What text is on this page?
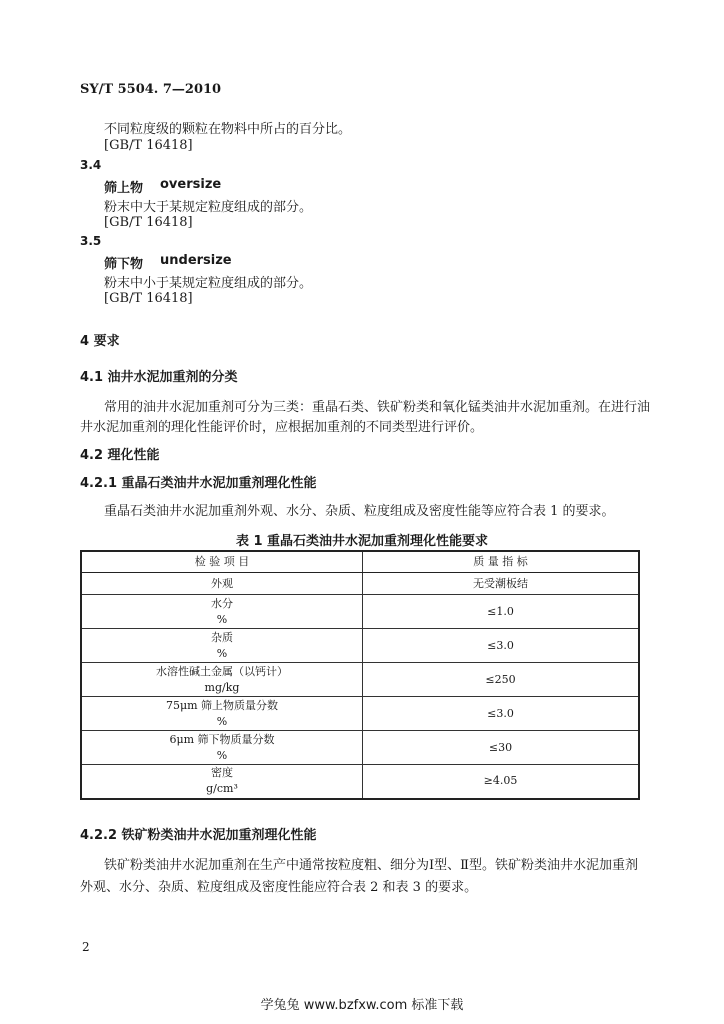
SY/T 5504. 7—2010
不同粒度级的颗粒在物料中所占的百分比。
[GB/T 16418]
3.4
筛上物 oversize
粉末中大于某规定粒度组成的部分。
[GB/T 16418]
3.5
筛下物 undersize
粉末中小于某规定粒度组成的部分。
[GB/T 16418]
4 要求
4.1 油井水泥加重剂的分类
常用的油井水泥加重剂可分为三类：重晶石类、铁矿粉类和氧化锰类油井水泥加重剂。在进行油
井水泥加重剂的理化性能评价时，应根据加重剂的不同类型进行评价。
4.2 理化性能
4.2.1 重晶石类油井水泥加重剂理化性能
重晶石类油井水泥加重剂外观、水分、杂质、粒度组成及密度性能等应符合表 1 的要求。
表 1 重晶石类油井水泥加重剂理化性能要求
检 验 项 目	质 量 指 标
外观	无受潮板结
水分
%	≤1.0
杂质
%	≤3.0
水溶性碱土金属（以钙计）
mg/kg	≤250
75μm 筛上物质量分数
%	≤3.0
6μm 筛下物质量分数
%	≤30
密度
g/cm³	≥4.05
4.2.2 铁矿粉类油井水泥加重剂理化性能
铁矿粉类油井水泥加重剂在生产中通常按粒度粗、细分为Ⅰ型、Ⅱ型。铁矿粉类油井水泥加重剂
外观、水分、杂质、粒度组成及密度性能应符合表 2 和表 3 的要求。
2
学兔兔 www.bzfxw.com 标准下载
